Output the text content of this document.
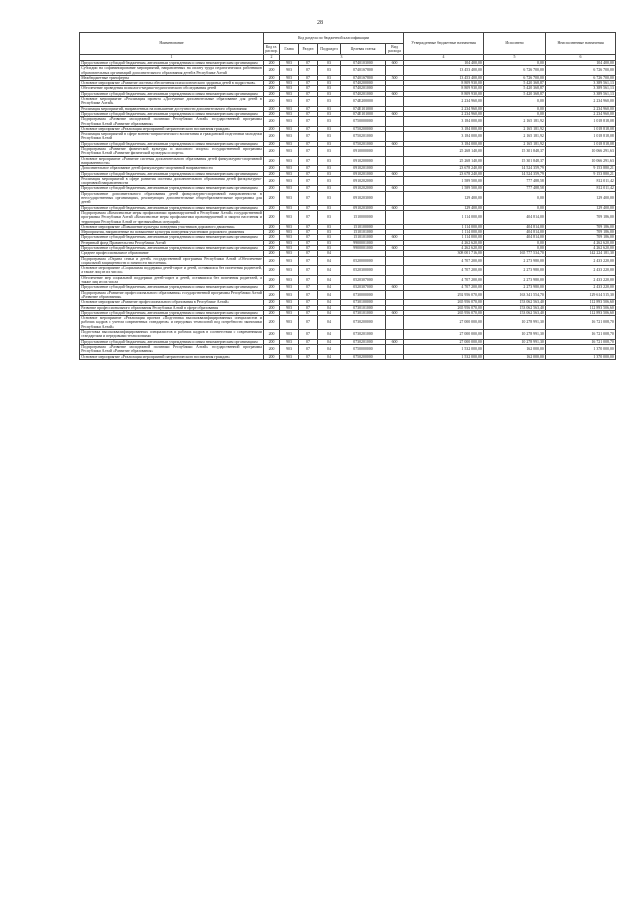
28
Наименование	Код раздела по бюджетной классификации						Утвержденные бюджетные назначения	Исполнено	Неисполненные назначения
	Код гл. распор.	Глава	Раздел	Подраздел	Целевая статья	Вид расхода			
1	2	3					4	5	6
Предоставление субсидий бюджетным, автономным учреждениям и иным некоммерческим организациям	200	903	07	03	0740103000	600	104 400,00	0,00	104 400,00
Субсидии на софинансирование мероприятий, направленных на оплату труда педагогических работников образовательных организаций дополнительного образования детей в Республике Алтай	200	903	07	03	07401S7800		13 453 400,00	6 726 700,00	6 726 700,00
Межбюджетные трансферты	200	903	07	03	07401S7800	500	13 453 400,00	6 726 700,00	6 726 700,00
Основное мероприятие «Развитие системы обеспечения психологического здоровья детей в подростков»	200	903	07	03	0740200000		8 809 930,00	5 420 368,87	3 389 561,13
Обеспечение проведения психолого-медико-педагогического обследования детей	200	903	07	03	0740201000		8 809 930,00	5 420 368,87	3 389 561,13
Предоставление субсидий бюджетным, автономным учреждениям и иным некоммерческим организациям	200	903	07	03	0740201000	600	8 809 930,00	5 420 368,87	3 389 561,13
Основное мероприятие «Реализация проекта «Доступные дополнительные образование для детей в Республике Алтай»	200	903	07	03	074E200000		2 234 960,00	0,00	2 234 960,00
Реализация мероприятий, направленных на повышение доступности дополнительного образования	200	903	07	03	074E101000		2 234 960,00	0,00	2 234 960,00
Предоставление субсидий бюджетным, автономным учреждениям и иным некоммерческим организациям	200	903	07	03	074E101000	600	2 234 960,00	0,00	2 234 960,00
Подпрограмма «Развитие молодежной политики Республики Алтай» государственной программы Республики Алтай «Развитие образования»	200	903	07	03	0750000000		3 184 000,00	2 165 181,92	1 018 818,08
Основное мероприятие «Реализация мероприятий патриотического воспитания граждан»	200	903	07	03	0750200000		3 184 000,00	2 165 181,92	1 018 818,08
Реализация мероприятий в сфере военно-патриотического воспитания и гражданской подготовки молодежи Республики Алтай	200	903	07	03	0750201000		3 184 000,00	2 165 181,92	1 018 818,08
Предоставление субсидий бюджетным, автономным учреждениям и иным некоммерческим организациям	200	903	07	03	0750201000	600	3 184 000,00	2 165 181,92	1 018 818,08
Подпрограмма «Развитие физической культуры и массового спорта» государственной программы Республики Алтай «Развитие физической культуры и спорта»	200	903	07	03	0910000000		25 268 140,00	15 301 848,37	10 066 291,63
Основное мероприятие «Развитие системы дополнительного образования детей физкультурно-спортивной направленности»	200	903	07	03	0910200000		25 268 140,00	15 301 848,37	10 066 291,63
Дополнительное образование детей физкультурно-спортивной направленности	200	903	07	03	0910201000		23 678 240,00	14 524 359,79	9 153 880,21
Предоставление субсидий бюджетным, автономным учреждениям и иным некоммерческим организациям	200	903	07	03	0910201000	600	23 678 240,00	14 524 359,79	9 153 880,21
Реализация мероприятий в сфере развития системы дополнительного образования детей физкультурно-спортивной направленности	200	903	07	03	0910202000		1 589 500,00	777 488,58	812 011,42
Предоставление субсидий бюджетным, автономным учреждениям и иным некоммерческим организациям	200	903	07	03	0910202000	600	1 589 500,00	777 488,58	812 011,42
Предоставление дополнительного образования детей физкультурно-спортивной направленности в негосударственных организациях, реализующих дополнительные общеобразовательные программы для детей	200	903	07	03	0910203000		129 400,00	0,00	129 400,00
Предоставление субсидий бюджетным, автономным учреждениям и иным некоммерческим организациям	200	903	07	03	0910203000	600	129 400,00	0,00	129 400,00
Подпрограмма «Комплексные меры профилактики правонарушений в Республике Алтай» государственной программы Республики Алтай «Комплексные меры профилактики правонарушений и защита населения и территории Республики Алтай от чрезвычайных ситуаций»	200	903	07	03	1510000000		1 114 000,00	404 814,00	709 186,00
Основное мероприятие «Повышение культуры поведения участников дорожного движения»	200	903	07	03	1510100000		1 114 000,00	404 814,00	709 186,00
Мероприятия, направленные на повышение культуры поведения участников дорожного движения	200	903	07	03	1510101000		1 114 000,00	404 814,00	709 186,00
Предоставление субсидий бюджетным, автономным учреждениям и иным некоммерческим организациям	200	903	07	03	1510101000	600	1 114 000,00	404 814,00	709 186,00
Резервный фонд Правительства Республики Алтай	200	903	07	03	9900001000		4 262 620,00	0,00	4 262 620,00
Предоставление субсидий бюджетным, автономным учреждениям и иным некоммерческим организациям	200	903	07	03	9900001000	600	4 262 620,00	0,00	4 262 620,00
Среднее профессиональное образование	200	903	07	04			308 001 716,00	165 777 534,70	142 224 181,30
Подпрограмма «Охрана семьи и детей» государственной программы Республики Алтай «Обеспечение социальной защищенности и занятости населения»	200	903	07	04	0520000000		4 707 200,00	2 273 980,00	2 433 220,00
Основное мероприятие «Социальная поддержка детей-сирот и детей, оставшихся без попечения родителей, а также лиц из их числа»	200	903	07	04	0520300000		4 707 200,00	2 273 980,00	2 433 220,00
Обеспечение мер социальной поддержки детей-сирот и детей, оставшихся без попечения родителей, а также лиц из их числа	200	903	07	04	0520307000		4 707 200,00	2 273 980,00	2 433 220,00
Предоставление субсидий бюджетным, автономным учреждениям и иным некоммерческим организациям	200	903	07	04	0520307000	600	4 707 200,00	2 273 980,00	2 433 220,00
Подпрограмма «Развитие профессионального образования» государственной программы Республики Алтай «Развитие образования»	200	903	07	04	0730000000		292 956 070,00	163 341 554,70	129 614 515,30
Основное мероприятие «Развитие профессионального образования в Республике Алтай»	200	903	07	04	0730100000		265 956 070,00	153 062 563,40	112 893 506,60
Развитие профессионального образования Республики Алтай в сфере образования	200	903	07	04	0730101000		265 956 070,00	153 062 563,40	112 893 506,60
Предоставление субсидий бюджетным, автономным учреждениям и иным некоммерческим организациям	200	903	07	04	0730101000	600	265 956 070,00	153 062 563,40	112 893 506,60
Основное мероприятие «Реализация проекта «Подготовка высококвалифицированных специалистов и рабочих кадров с учетом современных стандартов» и передовых технологий под потребности экономики Республики Алтай»	200	903	07	04	0730200000		27 000 000,00	10 278 991,30	16 721 008,70
Подготовка высококвалифицированных специалистов и рабочих кадров в соответствии с современными стандартами и передовыми технологиями	200	903	07	04	0730201000		27 000 000,00	10 278 991,30	16 721 008,70
Предоставление субсидий бюджетным, автономным учреждениям и иным некоммерческим организациям	200	903	07	04	0730201000	600	27 000 000,00	10 278 991,30	16 721 008,70
Подпрограмма «Развитие молодежной политики Республики Алтай» государственной программы Республики Алтай «Развитие образования»	200	903	07	04	0750000000		1 532 000,00	162 000,00	1 370 000,00
Основное мероприятие «Реализация мероприятий патриотического воспитания граждан»	200	903	07	04	0750200000		1 532 000,00	162 000,00	1 370 000,00
